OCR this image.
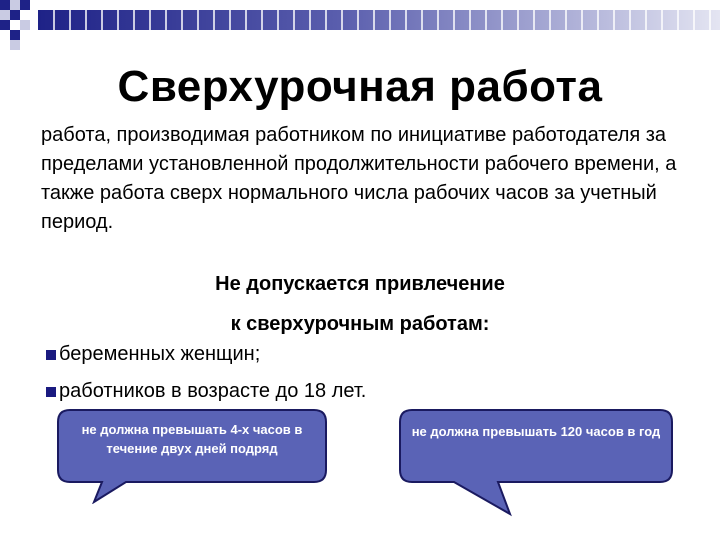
Сверхурочная работа

работа, производимая работником по инициативе работодателя за пределами установленной продолжительности рабочего времени, а также работа сверх нормального числа рабочих часов за учетный период.

Не допускается привлечение
к сверхурочным работам:
беременных женщин;
работников в возрасте до 18 лет.
не должна превышать 4-х часов в течение двух дней подряд
не должна превышать 120 часов в год
